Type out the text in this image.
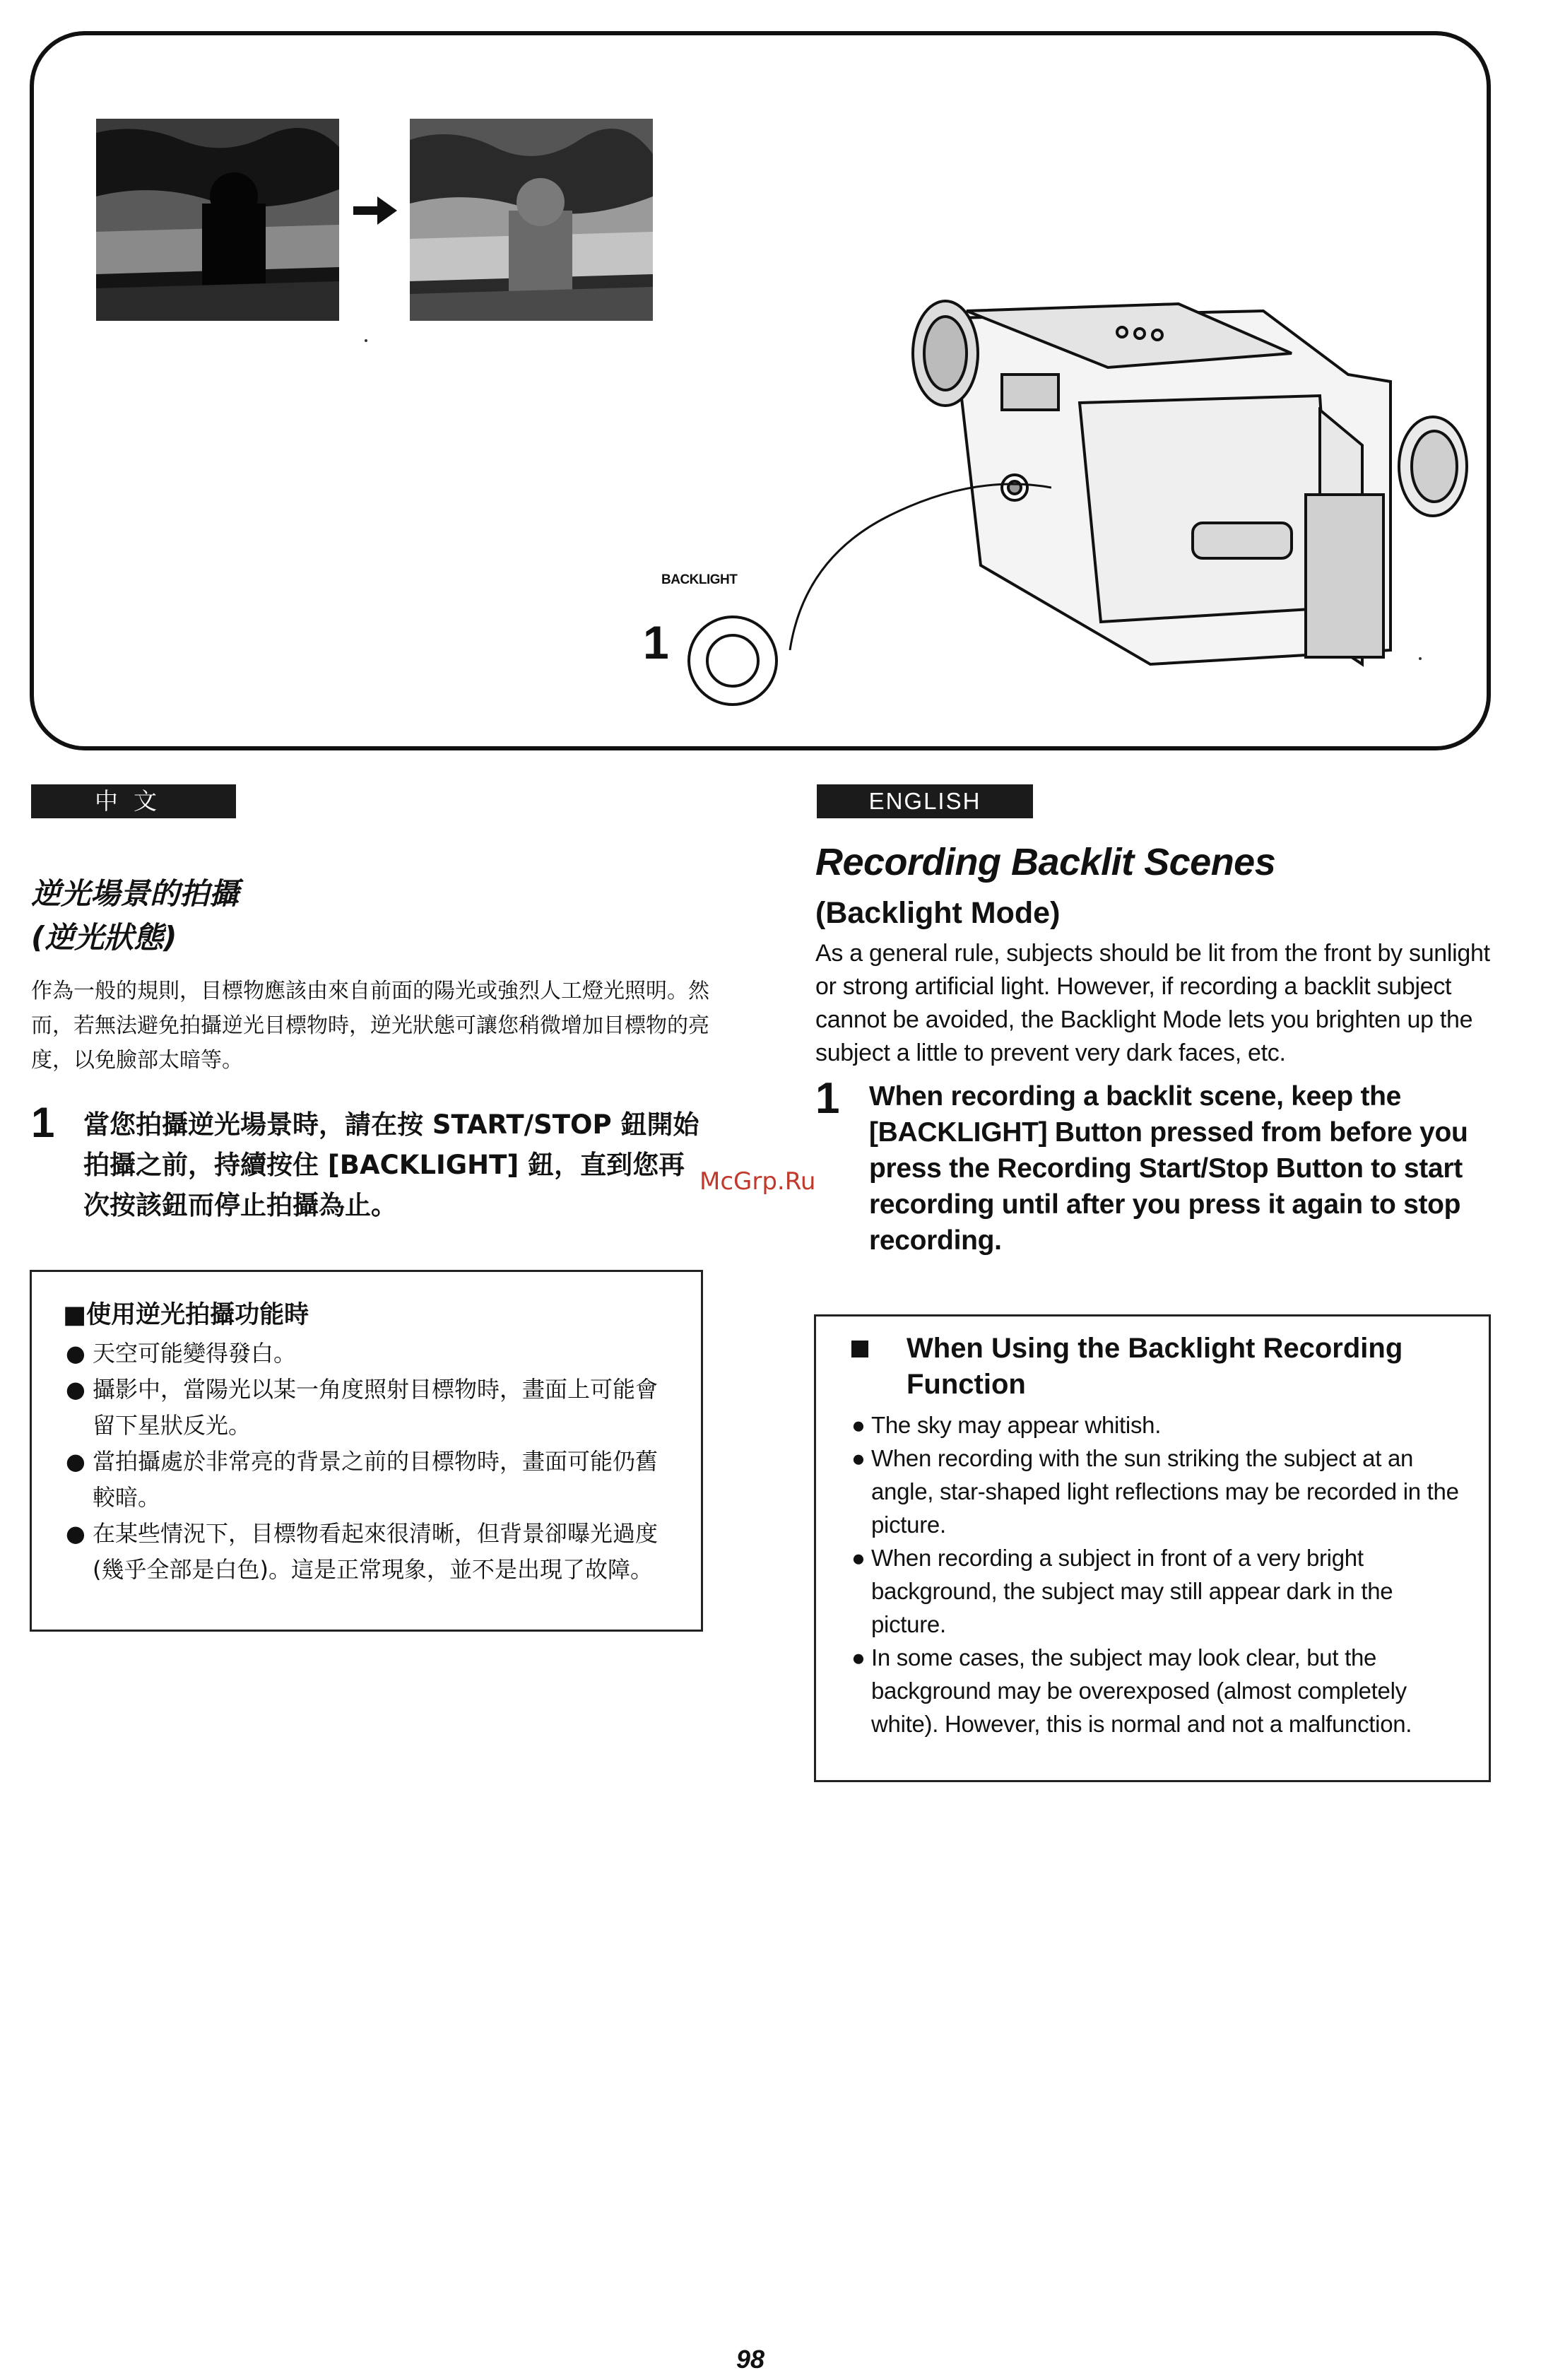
BACKLIGHT
1
中文	ENGLISH
逆光場景的拍攝
(逆光狀態)

作為一般的規則，目標物應該由來自前面的陽光或強烈人工燈光照明。然而，若無法避免拍攝逆光目標物時，逆光狀態可讓您稍微增加目標物的亮度，以免臉部太暗等。

1 當您拍攝逆光場景時，請在按 START/STOP 鈕開始拍攝之前，持續按住 [BACKLIGHT] 鈕，直到您再次按該鈕而停止拍攝為止。

■使用逆光拍攝功能時

● 天空可能變得發白。
● 攝影中，當陽光以某一角度照射目標物時，畫面上可能會留下星狀反光。
● 當拍攝處於非常亮的背景之前的目標物時，畫面可能仍舊較暗。
● 在某些情況下，目標物看起來很清晰，但背景卻曝光過度(幾乎全部是白色)。這是正常現象，並不是出現了故障。
Recording Backlit Scenes
(Backlight Mode)

As a general rule, subjects should be lit from the front by sunlight or strong artificial light. However, if recording a backlit subject cannot be avoided, the Backlight Mode lets you brighten up the subject a little to prevent very dark faces, etc.

1 When recording a backlit scene, keep the [BACKLIGHT] Button pressed from before you press the Recording Start/Stop Button to start recording until after you press it again to stop recording.

When Using the Backlight Recording Function

● The sky may appear whitish.
● When recording with the sun striking the subject at an angle, star-shaped light reflections may be recorded in the picture.
● When recording a subject in front of a very bright background, the subject may still appear dark in the picture.
● In some cases, the subject may look clear, but the background may be overexposed (almost completely white). However, this is normal and not a malfunction.
McGrp.Ru
98
